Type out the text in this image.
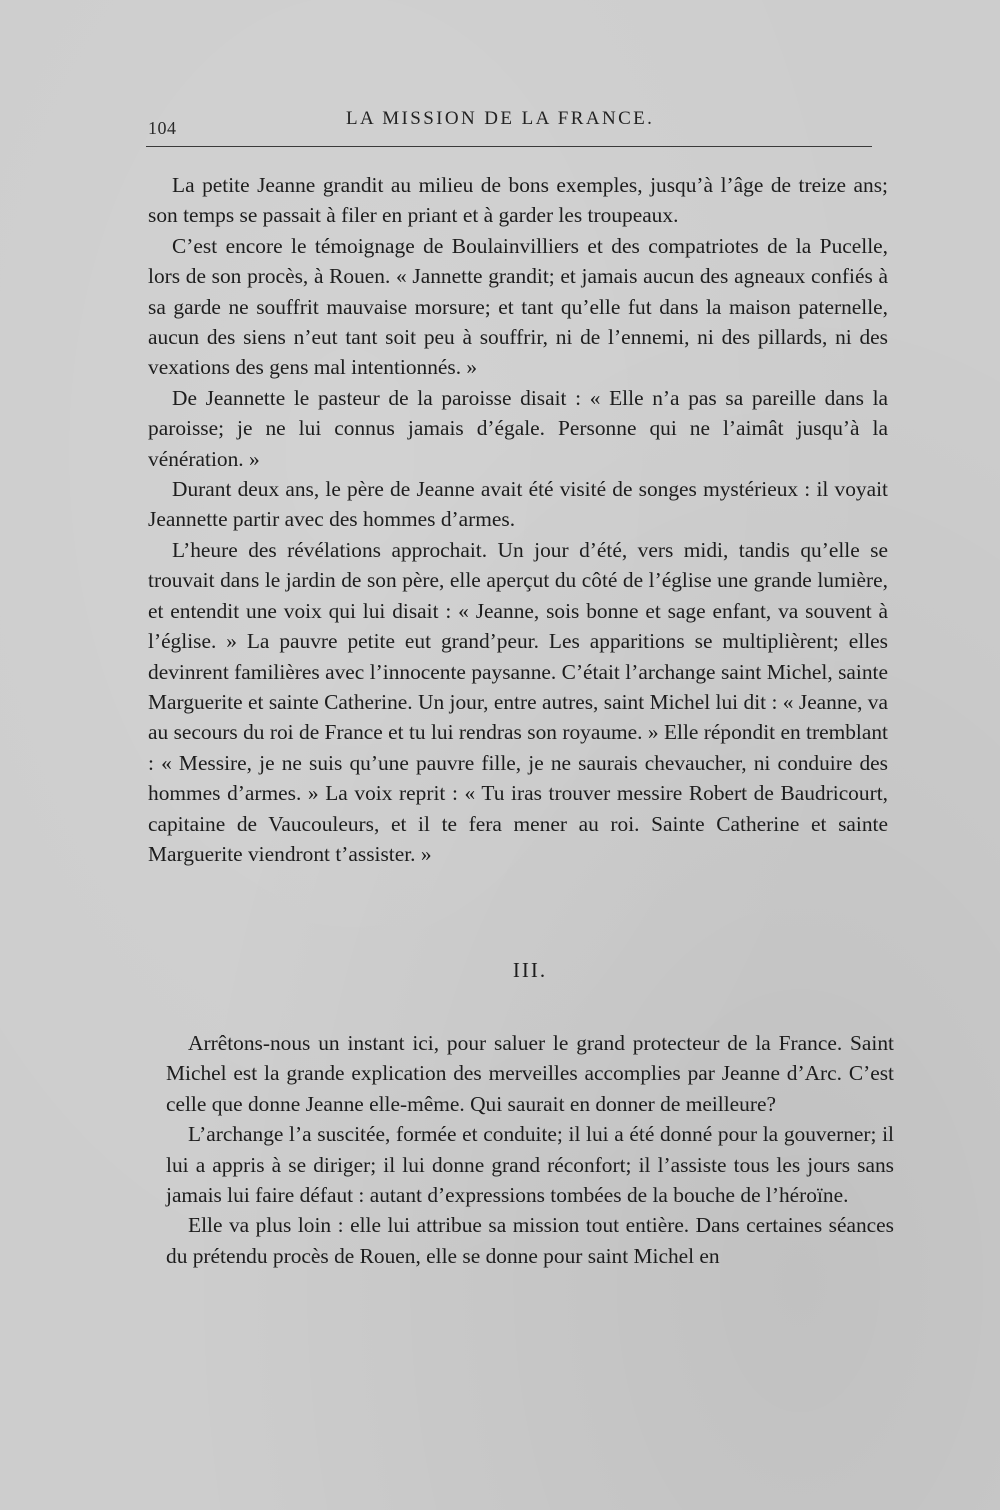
104	LA MISSION DE LA FRANCE.

La petite Jeanne grandit au milieu de bons exemples, jusqu’à l’âge de treize ans; son temps se passait à filer en priant et à garder les troupeaux.

C’est encore le témoignage de Boulainvilliers et des compatriotes de la Pucelle, lors de son procès, à Rouen. « Jannette grandit; et jamais aucun des agneaux confiés à sa garde ne souffrit mauvaise morsure; et tant qu’elle fut dans la maison paternelle, aucun des siens n’eut tant soit peu à souffrir, ni de l’ennemi, ni des pillards, ni des vexations des gens mal intentionnés. »

De Jeannette le pasteur de la paroisse disait : « Elle n’a pas sa pareille dans la paroisse; je ne lui connus jamais d’égale. Personne qui ne l’aimât jusqu’à la vénération. »

Durant deux ans, le père de Jeanne avait été visité de songes mystérieux : il voyait Jeannette partir avec des hommes d’armes.

L’heure des révélations approchait. Un jour d’été, vers midi, tandis qu’elle se trouvait dans le jardin de son père, elle aperçut du côté de l’église une grande lumière, et entendit une voix qui lui disait : « Jeanne, sois bonne et sage enfant, va souvent à l’église. » La pauvre petite eut grand’peur. Les apparitions se multiplièrent; elles devinrent familières avec l’innocente paysanne. C’était l’archange saint Michel, sainte Marguerite et sainte Catherine. Un jour, entre autres, saint Michel lui dit : « Jeanne, va au secours du roi de France et tu lui rendras son royaume. » Elle répondit en tremblant : « Messire, je ne suis qu’une pauvre fille, je ne saurais chevaucher, ni conduire des hommes d’armes. » La voix reprit : « Tu iras trouver messire Robert de Baudricourt, capitaine de Vaucouleurs, et il te fera mener au roi. Sainte Catherine et sainte Marguerite viendront t’assister. »

III.

Arrêtons-nous un instant ici, pour saluer le grand protecteur de la France. Saint Michel est la grande explication des merveilles accomplies par Jeanne d’Arc. C’est celle que donne Jeanne elle-même. Qui saurait en donner de meilleure?

L’archange l’a suscitée, formée et conduite; il lui a été donné pour la gouverner; il lui a appris à se diriger; il lui donne grand réconfort; il l’assiste tous les jours sans jamais lui faire défaut : autant d’expressions tombées de la bouche de l’héroïne.

Elle va plus loin : elle lui attribue sa mission tout entière. Dans certaines séances du prétendu procès de Rouen, elle se donne pour saint Michel en
